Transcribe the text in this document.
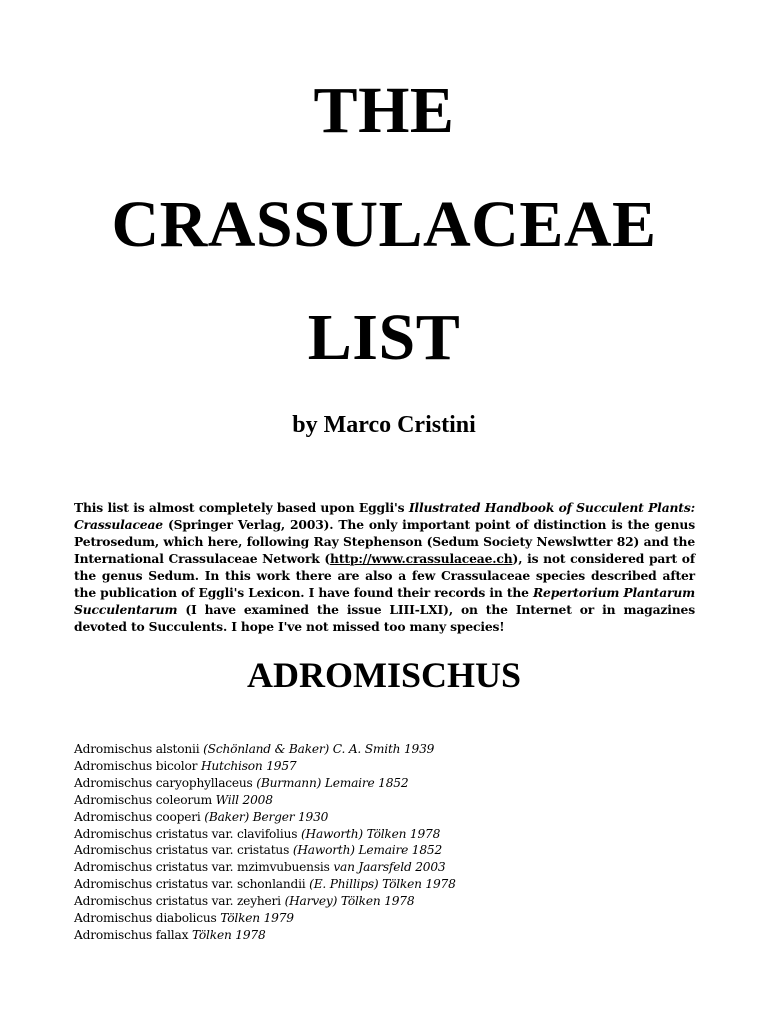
THE
CRASSULACEAE
LIST
by Marco Cristini
This list is almost completely based upon Eggli's Illustrated Handbook of Succulent Plants: Crassulaceae (Springer Verlag, 2003). The only important point of distinction is the genus Petrosedum, which here, following Ray Stephenson (Sedum Society Newslwtter 82) and the International Crassulaceae Network (http://www.crassulaceae.ch), is not considered part of the genus Sedum. In this work there are also a few Crassulaceae species described after the publication of Eggli's Lexicon. I have found their records in the Repertorium Plantarum Succulentarum (I have examined the issue LIII-LXI), on the Internet or in magazines devoted to Succulents. I hope I've not missed too many species!
ADROMISCHUS
Adromischus alstonii (Schönland & Baker) C. A. Smith 1939
Adromischus bicolor Hutchison 1957
Adromischus caryophyllaceus (Burmann) Lemaire 1852
Adromischus coleorum Will 2008
Adromischus cooperi (Baker) Berger 1930
Adromischus cristatus var. clavifolius (Haworth) Tölken 1978
Adromischus cristatus var. cristatus (Haworth) Lemaire 1852
Adromischus cristatus var. mzimvubuensis van Jaarsfeld 2003
Adromischus cristatus var. schonlandii (E. Phillips) Tölken 1978
Adromischus cristatus var. zeyheri (Harvey) Tölken 1978
Adromischus diabolicus Tölken 1979
Adromischus fallax Tölken 1978
